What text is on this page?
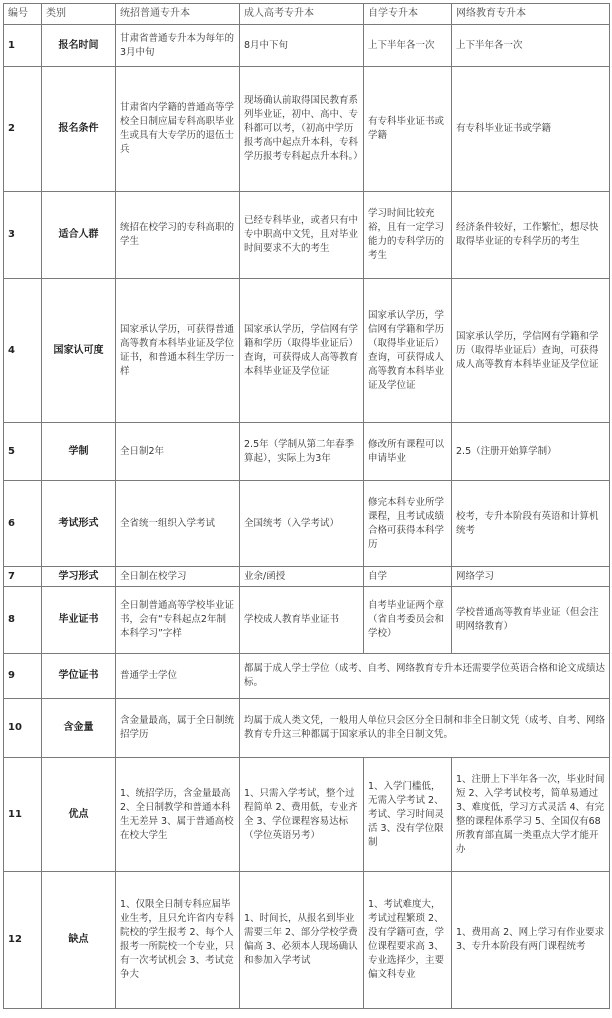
编号	类别	统招普通专升本	成人高考专升本	自学专升本	网络教育专升本
1	报名时间	甘肃省普通专升本为每年的3月中旬	8月中下旬	上下半年各一次	上下半年各一次
2	报名条件	甘肃省内学籍的普通高等学校全日制应届专科高职毕业生或具有大专学历的退伍士兵	现场确认前取得国民教育系列毕业证，初中、高中、专科都可以考，（初高中学历报考高中起点升本科，专科学历报考专科起点升本科。）	有专科毕业证书或学籍	有专科毕业证书或学籍
3	适合人群	统招在校学习的专科高职的学生	已经专科毕业，或者只有中专中职高中文凭，且对毕业时间要求不大的考生	学习时间比较充裕，且有一定学习能力的专科学历的考生	经济条件较好，工作繁忙，想尽快取得毕业证的专科学历的考生
4	国家认可度	国家承认学历，可获得普通高等教育本科毕业证及学位证书，和普通本科生学历一样	国家承认学历，学信网有学籍和学历（取得毕业证后）查询，可获得成人高等教育本科毕业证及学位证	国家承认学历，学信网有学籍和学历（取得毕业证后）查询，可获得成人高等教育本科毕业证及学位证	国家承认学历，学信网有学籍和学历（取得毕业证后）查询，可获得成人高等教育本科毕业证及学位证
5	学制	全日制2年	2.5年（学制从第二年春季算起），实际上为3年	修改所有课程可以申请毕业	2.5（注册开始算学制）
6	考试形式	全省统一组织入学考试	全国统考（入学考试）	修完本科专业所学课程，且考试成绩合格可获得本科学历	校考，专升本阶段有英语和计算机统考
7	学习形式	全日制在校学习	业余/函授	自学	网络学习
8	毕业证书	全日制普通高等学校毕业证书，会有“专科起点2年制本科学习”字样	学校成人教育毕业证书	自考毕业证两个章（省自考委员会和学校）	学校普通高等教育毕业证（但会注明网络教育）
9	学位证书	普通学士学位	都属于成人学士学位（成考、自考、网络教育专升本还需要学位英语合格和论文成绩达标。		
10	含金量	含金量最高，属于全日制统招学历	均属于成人类文凭，一般用人单位只会区分全日制和非全日制文凭（成考、自考、网络教育专升这三种都属于国家承认的非全日制文凭。		
11	优点	1、统招学历，含金量最高 2、全日制教学和普通本科生无差异 3、属于普通高校在校大学生	1、只需入学考试，整个过程简单 2、费用低，专业齐全 3、学位课程容易达标（学位英语另考）	1、入学门槛低，无需入学考试 2、考试、学习时间灵活 3、没有学位限制	1、注册上下半年各一次，毕业时间短 2、入学考试校考，简单易通过 3、难度低，学习方式灵活 4、有完整的课程体系学习 5、全国仅有68所教育部直属一类重点大学才能开办
12	缺点	1、仅限全日制专科应届毕业生考，且只允许省内专科院校的学生报考 2、每个人报考一所院校一个专业，只有一次考试机会 3、考试竞争大	1、时间长，从报名到毕业需要三年 2、部分学校学费偏高 3、必须本人现场确认和参加入学考试	1、考试难度大，考试过程繁琐 2、没有学籍可查，学位课程要求高 3、专业选择少，主要偏文科专业	1、费用高 2、网上学习有作业要求 3、专升本阶段有两门课程统考
